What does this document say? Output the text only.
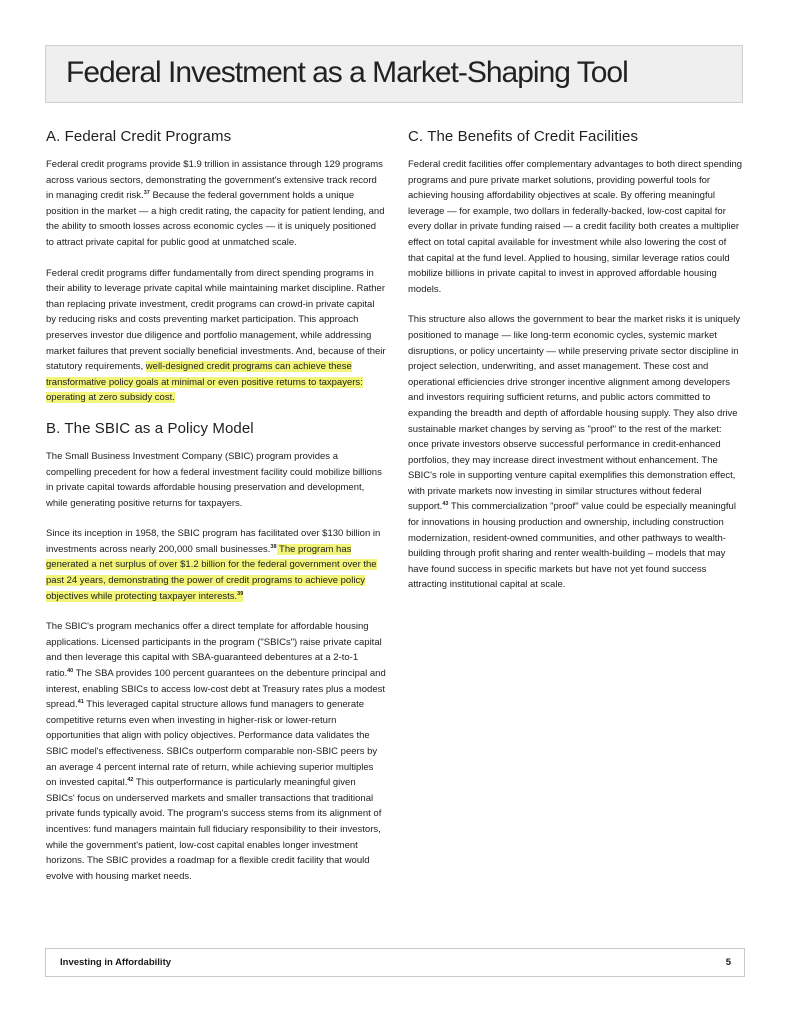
Federal Investment as a Market-Shaping Tool
A. Federal Credit Programs

Federal credit programs provide $1.9 trillion in assistance through 129 programs across various sectors, demonstrating the government's extensive track record in managing credit risk.$^{37}$ Because the federal government holds a unique position in the market — a high credit rating, the capacity for patient lending, and the ability to smooth losses across economic cycles — it is uniquely positioned to attract private capital for public good at unmatched scale.

Federal credit programs differ fundamentally from direct spending programs in their ability to leverage private capital while maintaining market discipline. Rather than replacing private investment, credit programs can crowd-in private capital by reducing risks and costs preventing market participation. This approach preserves investor due diligence and portfolio management, while addressing market failures that prevent socially beneficial investments. And, because of their statutory requirements, well-designed credit programs can achieve these transformative policy goals at minimal or even positive returns to taxpayers: operating at zero subsidy cost.

B. The SBIC as a Policy Model

The Small Business Investment Company (SBIC) program provides a compelling precedent for how a federal investment facility could mobilize billions in private capital towards affordable housing preservation and development, while generating positive returns for taxpayers.

Since its inception in 1958, the SBIC program has facilitated over $130 billion in investments across nearly 200,000 small businesses.$^{38}$ The program has generated a net surplus of over $1.2 billion for the federal government over the past 24 years, demonstrating the power of credit programs to achieve policy objectives while protecting taxpayer interests.$^{39}$

The SBIC's program mechanics offer a direct template for affordable housing applications. Licensed participants in the program ("SBICs") raise private capital and then leverage this capital with SBA-guaranteed debentures at a 2-to-1 ratio.$^{40}$ The SBA provides 100 percent guarantees on the debenture principal and interest, enabling SBICs to access low-cost debt at Treasury rates plus a modest spread.$^{41}$ This leveraged capital structure allows fund managers to generate competitive returns even when investing in higher-risk or lower-return opportunities that align with policy objectives. Performance data validates the SBIC model's effectiveness. SBICs outperform comparable non-SBIC peers by an average 4 percent internal rate of return, while achieving superior multiples on invested capital.$^{42}$ This outperformance is particularly meaningful given SBICs' focus on underserved markets and smaller transactions that traditional private funds typically avoid. The program's success stems from its alignment of incentives: fund managers maintain full fiduciary responsibility to their investors, while the government's patient, low-cost capital enables longer investment horizons. The SBIC provides a roadmap for a flexible credit facility that would evolve with housing market needs.

C. The Benefits of Credit Facilities

Federal credit facilities offer complementary advantages to both direct spending programs and pure private market solutions, providing powerful tools for achieving housing affordability objectives at scale. By offering meaningful leverage — for example, two dollars in federally-backed, low-cost capital for every dollar in private funding raised — a credit facility both creates a multiplier effect on total capital available for investment while also lowering the cost of that capital at the fund level. Applied to housing, similar leverage ratios could mobilize billions in private capital to invest in approved affordable housing models.

This structure also allows the government to bear the market risks it is uniquely positioned to manage — like long-term economic cycles, systemic market disruptions, or policy uncertainty — while preserving private sector discipline in project selection, underwriting, and asset management. These cost and operational efficiencies drive stronger incentive alignment among developers and investors requiring sufficient returns, and public actors committed to expanding the breadth and depth of affordable housing supply. They also drive sustainable market changes by serving as "proof" to the rest of the market: once private investors observe successful performance in credit-enhanced portfolios, they may increase direct investment without enhancement. The SBIC's role in supporting venture capital exemplifies this demonstration effect, with private markets now investing in similar structures without federal support.$^{43}$ This commercialization "proof" value could be especially meaningful for innovations in housing production and ownership, including construction modernization, resident-owned communities, and other pathways to wealth-building through profit sharing and renter wealth-building – models that may have found success in specific markets but have not yet found success attracting institutional capital at scale.

Investing in Affordability	5
